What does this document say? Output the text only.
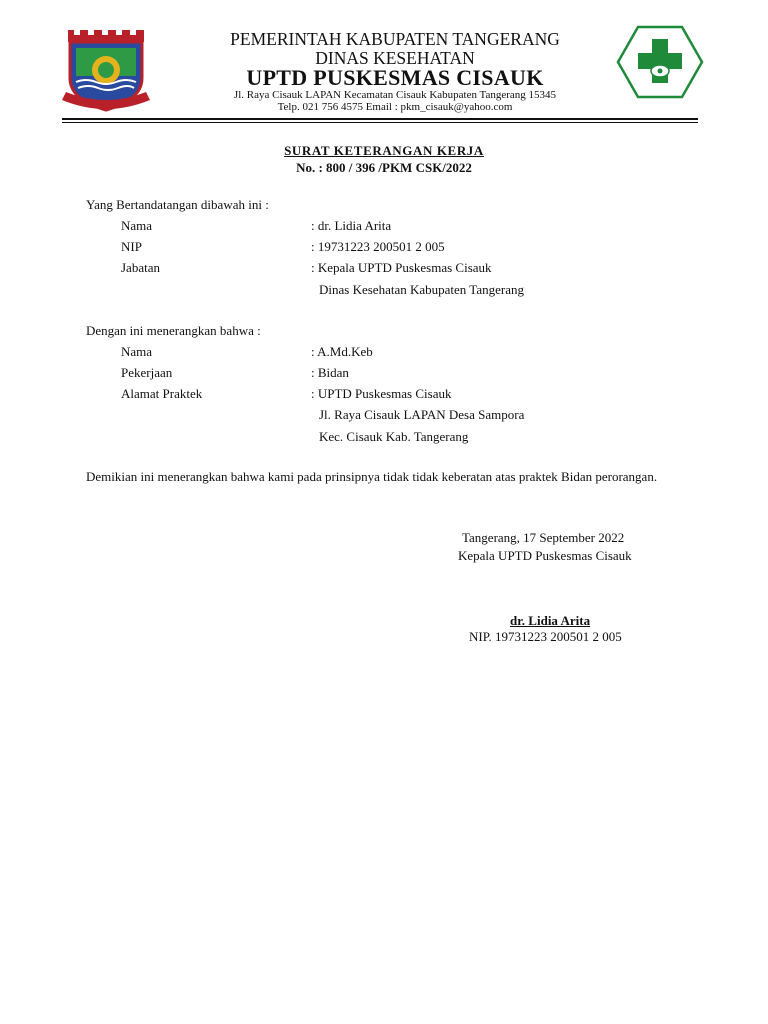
PEMERINTAH KABUPATEN TANGERANG
DINAS KESEHATAN
UPTD PUSKESMAS CISAUK
Jl. Raya Cisauk LAPAN Kecamatan Cisauk Kabupaten Tangerang 15345
Telp. 021 756 4575 Email : pkm_cisauk@yahoo.com
SURAT KETERANGAN KERJA
No. : 800 / 396 /PKM CSK/2022
Yang Bertandatangan dibawah ini :
Nama	: dr. Lidia Arita
NIP	: 19731223 200501 2 005
Jabatan	: Kepala UPTD Puskesmas Cisauk
Dinas Kesehatan Kabupaten Tangerang
Dengan ini menerangkan bahwa :
Nama	: A.Md.Keb
Pekerjaan	: Bidan
Alamat Praktek	: UPTD Puskesmas Cisauk
Jl. Raya Cisauk LAPAN Desa Sampora
Kec. Cisauk Kab. Tangerang
Demikian ini menerangkan bahwa kami pada prinsipnya tidak tidak keberatan atas praktek Bidan perorangan.
Tangerang, 17 September 2022
Kepala UPTD Puskesmas Cisauk
dr. Lidia Arita
NIP. 19731223 200501 2 005
